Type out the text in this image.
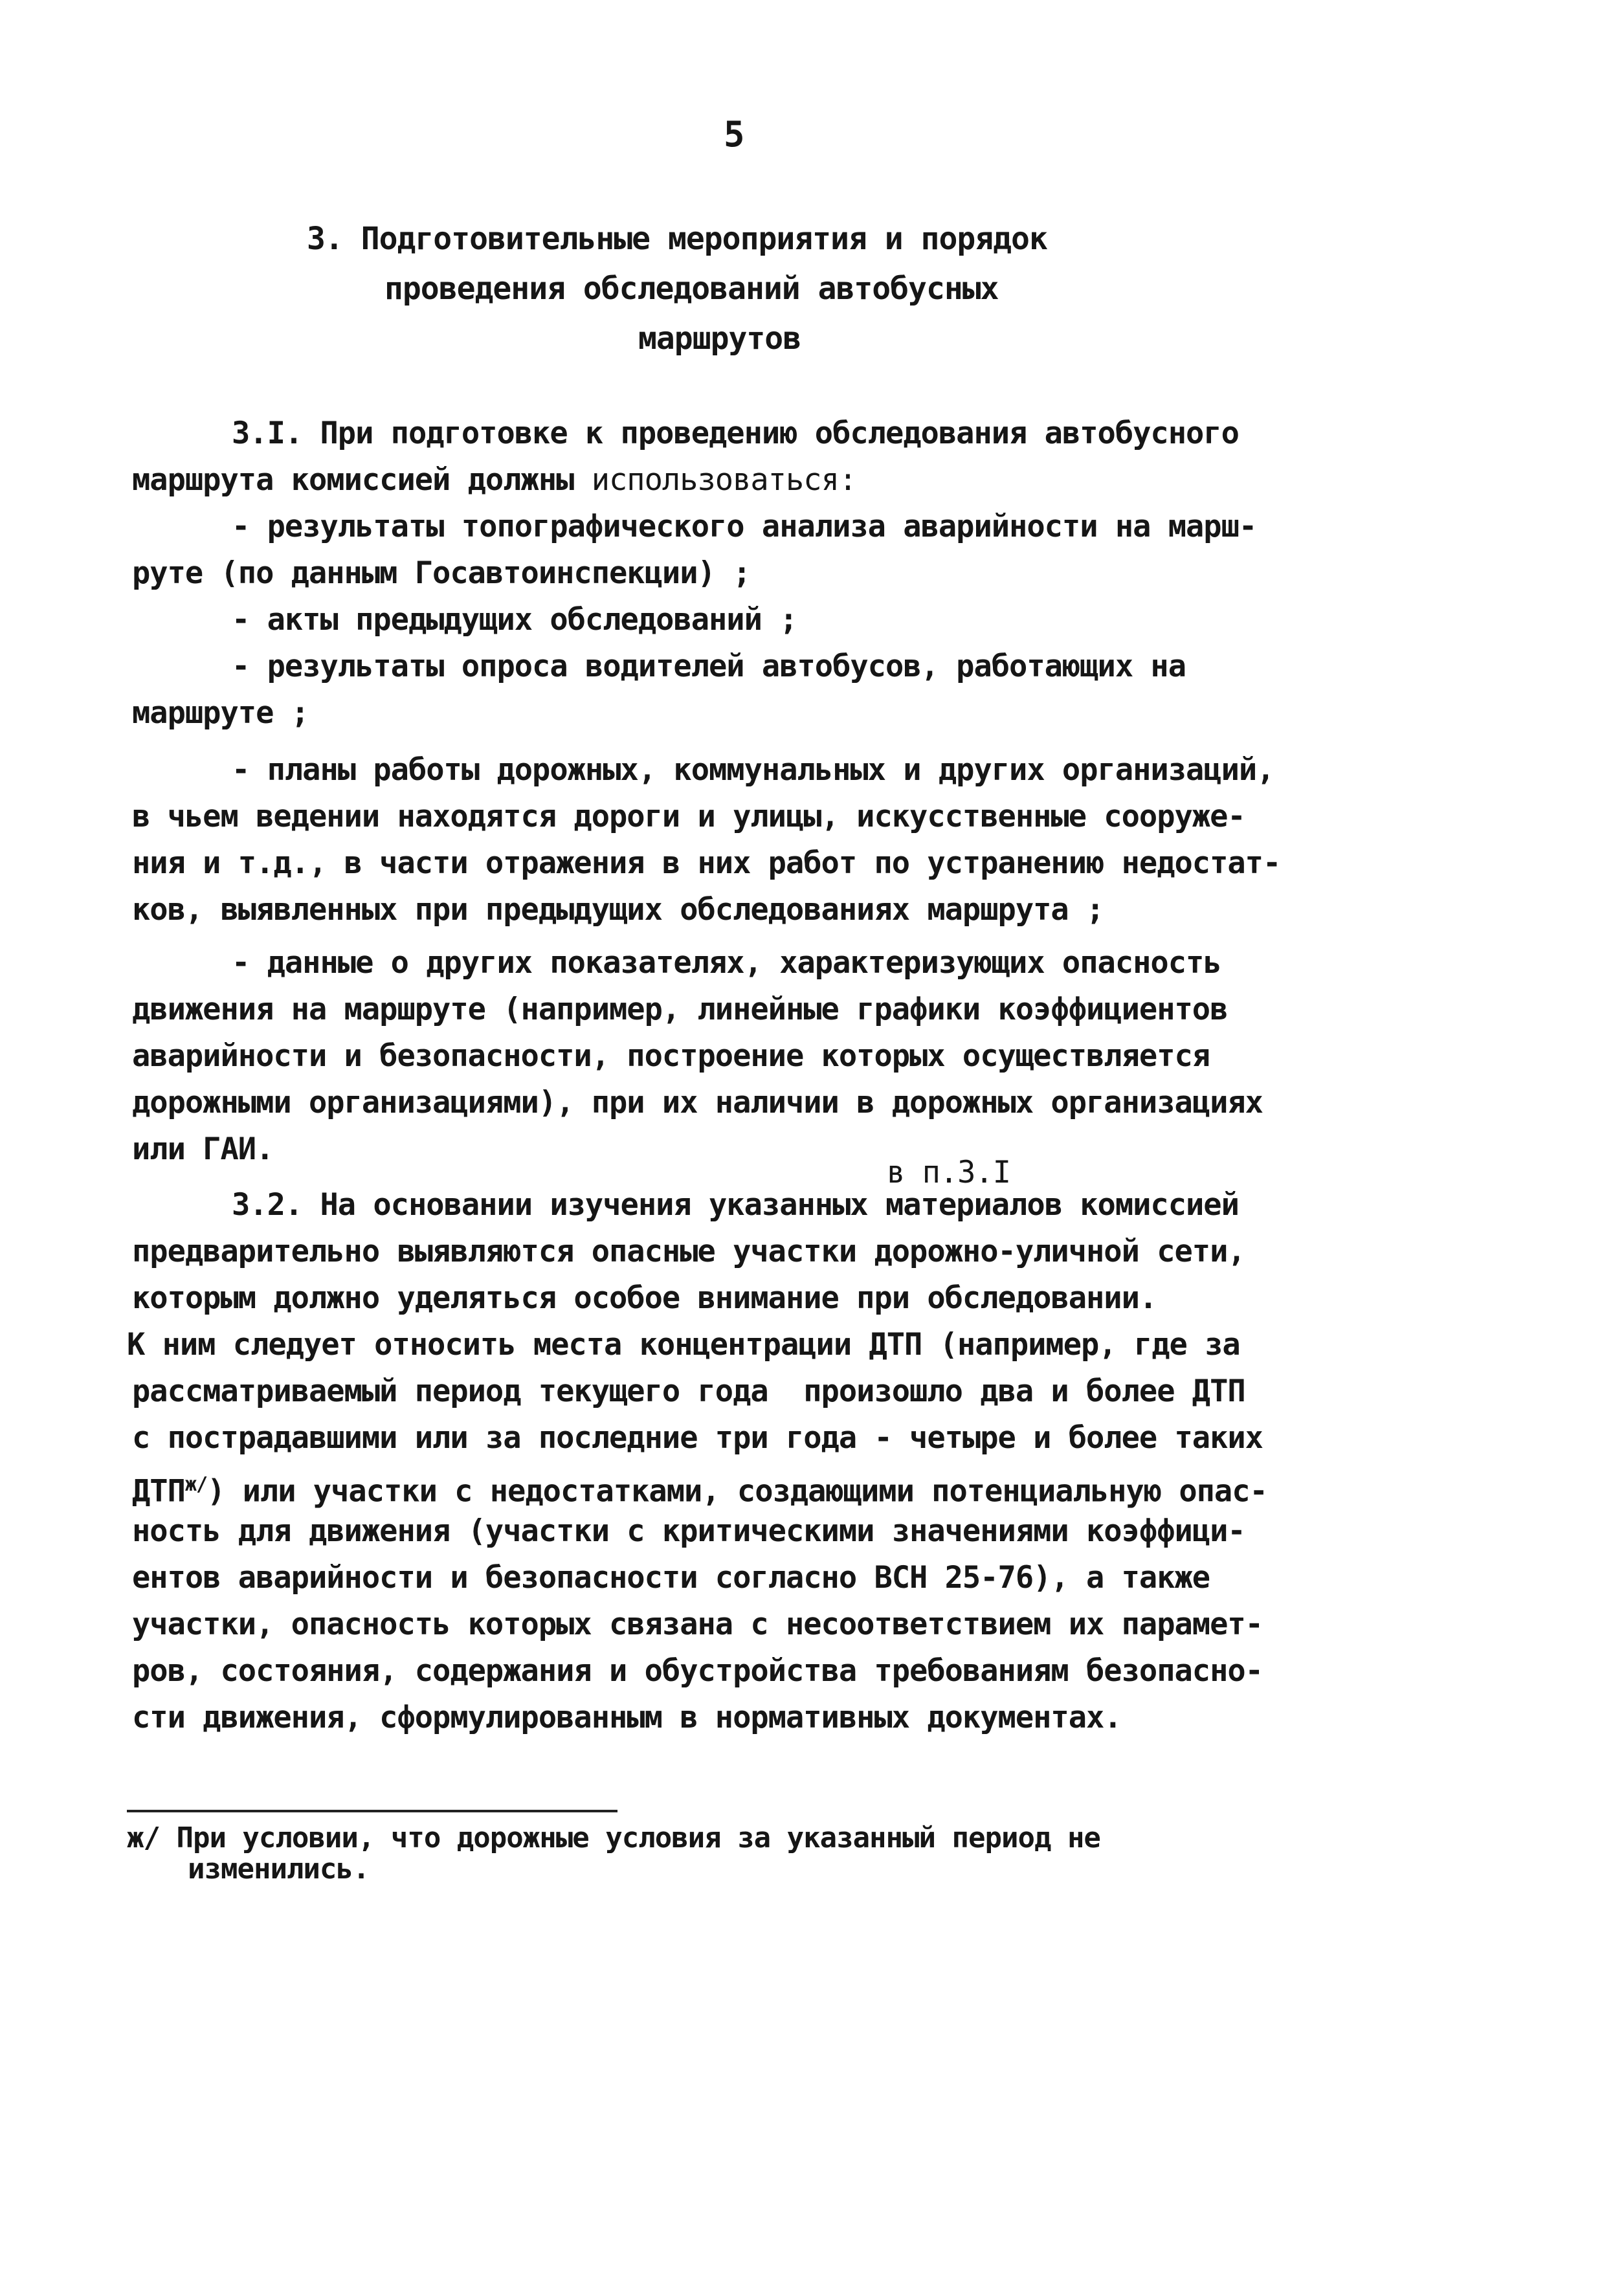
5
3. Подготовительные мероприятия и порядок
проведения обследований автобусных
маршрутов
3.I. При подготовке к проведению обследования автобусного
маршрута комиссией должны использоваться:
- результаты топографического анализа аварийности на марш-
руте (по данным Госавтоинспекции) ;
- акты предыдущих обследований ;
- результаты опроса водителей автобусов, работающих на
маршруте ;
- планы работы дорожных, коммунальных и других организаций,
в чьем ведении находятся дороги и улицы, искусственные сооруже-
ния и т.д., в части отражения в них работ по устранению недостат-
ков, выявленных при предыдущих обследованиях маршрута ;
- данные о других показателях, характеризующих опасность
движения на маршруте (например, линейные графики коэффициентов
аварийности и безопасности, построение которых осуществляется
дорожными организациями), при их наличии в дорожных организациях
или ГАИ.
в п.3.I
3.2. На основании изучения указанных материалов комиссией
предварительно выявляются опасные участки дорожно-уличной сети,
которым должно уделяться особое внимание при обследовании.
К ним следует относить места концентрации ДТП (например, где за
рассматриваемый период текущего года  произошло два и более ДТП
с пострадавшими или за последние три года - четыре и более таких
$ДТП^{ж/}$) или участки с недостатками, создающими потенциальную опас-
ность для движения (участки с критическими значениями коэффици-
ентов аварийности и безопасности согласно ВСН 25-76), а также
участки, опасность которых связана с несоответствием их парамет-
ров, состояния, содержания и обустройства требованиям безопасно-
сти движения, сформулированным в нормативных документах.
ж/ При условии, что дорожные условия за указанный период не
изменились.
